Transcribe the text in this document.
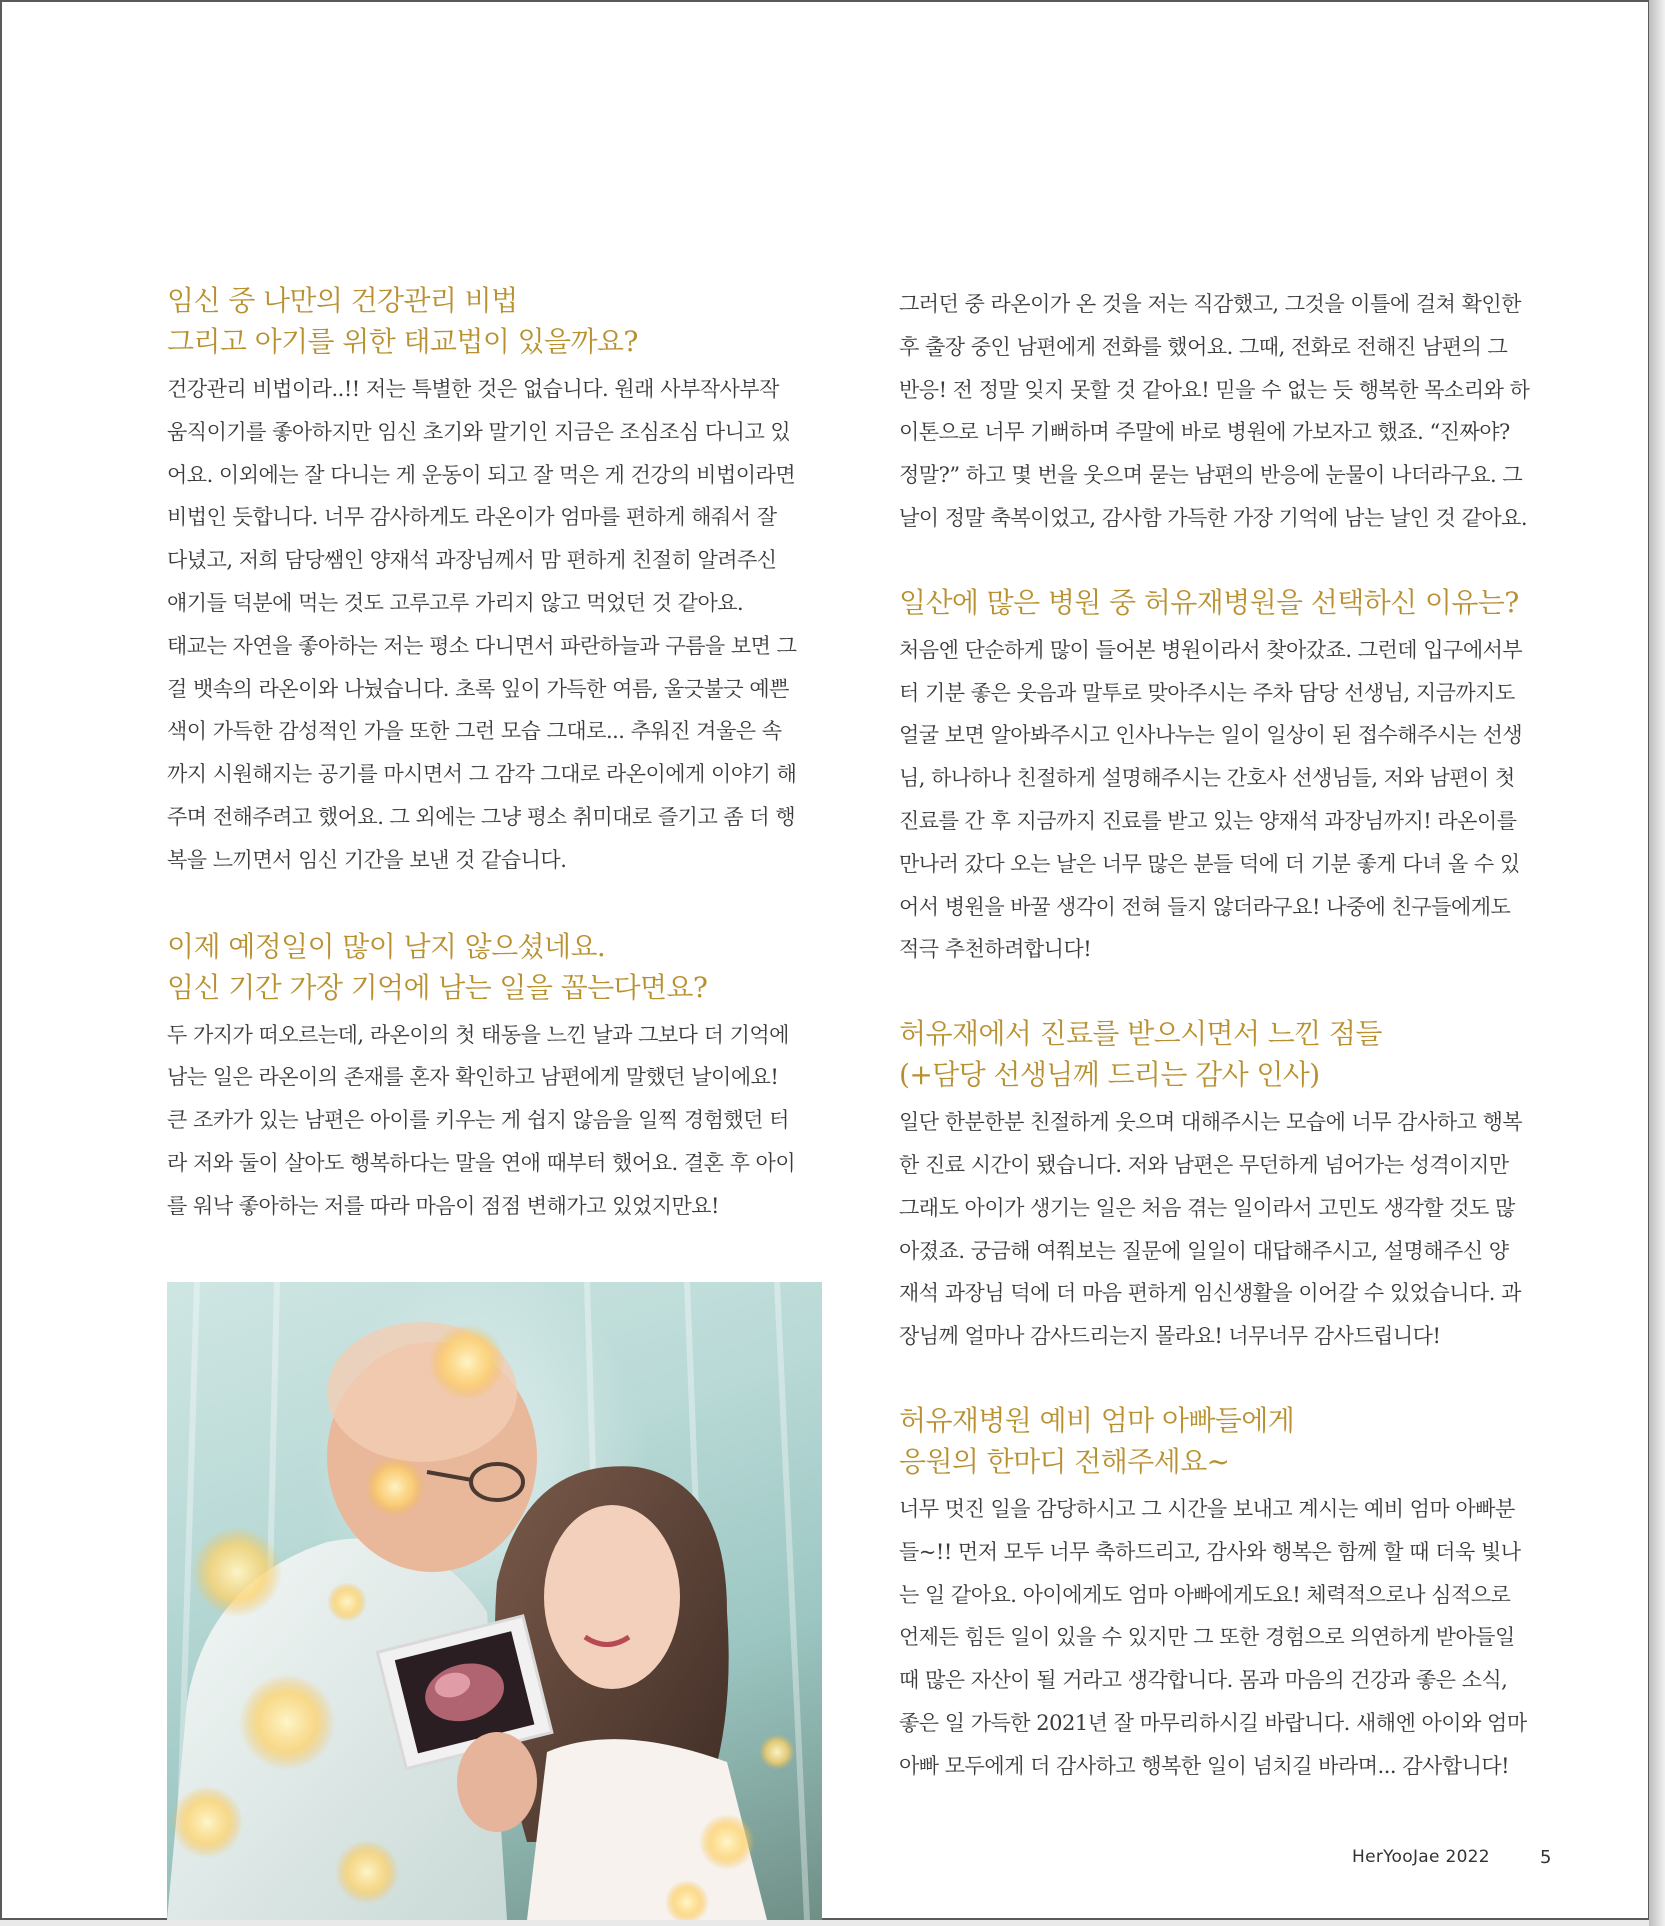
임신 중 나만의 건강관리 비법
그리고 아기를 위한 태교법이 있을까요?
건강관리 비법이라..!! 저는 특별한 것은 없습니다. 원래 사부작사부작
움직이기를 좋아하지만 임신 초기와 말기인 지금은 조심조심 다니고 있
어요. 이외에는 잘 다니는 게 운동이 되고 잘 먹은 게 건강의 비법이라면
비법인 듯합니다. 너무 감사하게도 라온이가 엄마를 편하게 해줘서 잘
다녔고, 저희 담당쌤인 양재석 과장님께서 맘 편하게 친절히 알려주신
얘기들 덕분에 먹는 것도 고루고루 가리지 않고 먹었던 것 같아요.
태교는 자연을 좋아하는 저는 평소 다니면서 파란하늘과 구름을 보면 그
걸 뱃속의 라온이와 나눴습니다. 초록 잎이 가득한 여름, 울긋불긋 예쁜
색이 가득한 감성적인 가을 또한 그런 모습 그대로... 추워진 겨울은 속
까지 시원해지는 공기를 마시면서 그 감각 그대로 라온이에게 이야기 해
주며 전해주려고 했어요. 그 외에는 그냥 평소 취미대로 즐기고 좀 더 행
복을 느끼면서 임신 기간을 보낸 것 같습니다.
이제 예정일이 많이 남지 않으셨네요.
임신 기간 가장 기억에 남는 일을 꼽는다면요?
두 가지가 떠오르는데, 라온이의 첫 태동을 느낀 날과 그보다 더 기억에
남는 일은 라온이의 존재를 혼자 확인하고 남편에게 말했던 날이에요!
큰 조카가 있는 남편은 아이를 키우는 게 쉽지 않음을 일찍 경험했던 터
라 저와 둘이 살아도 행복하다는 말을 연애 때부터 했어요. 결혼 후 아이
를 워낙 좋아하는 저를 따라 마음이 점점 변해가고 있었지만요!
그러던 중 라온이가 온 것을 저는 직감했고, 그것을 이틀에 걸쳐 확인한
후 출장 중인 남편에게 전화를 했어요. 그때, 전화로 전해진 남편의 그
반응! 전 정말 잊지 못할 것 같아요! 믿을 수 없는 듯 행복한 목소리와 하
이톤으로 너무 기뻐하며 주말에 바로 병원에 가보자고 했죠. “진짜야?
정말?” 하고 몇 번을 웃으며 묻는 남편의 반응에 눈물이 나더라구요. 그
날이 정말 축복이었고, 감사함 가득한 가장 기억에 남는 날인 것 같아요.
일산에 많은 병원 중 허유재병원을 선택하신 이유는?
처음엔 단순하게 많이 들어본 병원이라서 찾아갔죠. 그런데 입구에서부
터 기분 좋은 웃음과 말투로 맞아주시는 주차 담당 선생님, 지금까지도
얼굴 보면 알아봐주시고 인사나누는 일이 일상이 된 접수해주시는 선생
님, 하나하나 친절하게 설명해주시는 간호사 선생님들, 저와 남편이 첫
진료를 간 후 지금까지 진료를 받고 있는 양재석 과장님까지! 라온이를
만나러 갔다 오는 날은 너무 많은 분들 덕에 더 기분 좋게 다녀 올 수 있
어서 병원을 바꿀 생각이 전혀 들지 않더라구요! 나중에 친구들에게도
적극 추천하려합니다!
허유재에서 진료를 받으시면서 느낀 점들
(+담당 선생님께 드리는 감사 인사)
일단 한분한분 친절하게 웃으며 대해주시는 모습에 너무 감사하고 행복
한 진료 시간이 됐습니다. 저와 남편은 무던하게 넘어가는 성격이지만
그래도 아이가 생기는 일은 처음 겪는 일이라서 고민도 생각할 것도 많
아졌죠. 궁금해 여쭤보는 질문에 일일이 대답해주시고, 설명해주신 양
재석 과장님 덕에 더 마음 편하게 임신생활을 이어갈 수 있었습니다. 과
장님께 얼마나 감사드리는지 몰라요! 너무너무 감사드립니다!
허유재병원 예비 엄마 아빠들에게
응원의 한마디 전해주세요~
너무 멋진 일을 감당하시고 그 시간을 보내고 계시는 예비 엄마 아빠분
들~!! 먼저 모두 너무 축하드리고, 감사와 행복은 함께 할 때 더욱 빛나
는 일 같아요. 아이에게도 엄마 아빠에게도요! 체력적으로나 심적으로
언제든 힘든 일이 있을 수 있지만 그 또한 경험으로 의연하게 받아들일
때 많은 자산이 될 거라고 생각합니다. 몸과 마음의 건강과 좋은 소식,
좋은 일 가득한 2021년 잘 마무리하시길 바랍니다. 새해엔 아이와 엄마
아빠 모두에게 더 감사하고 행복한 일이 넘치길 바라며... 감사합니다!
HerYooJae 2022	5
